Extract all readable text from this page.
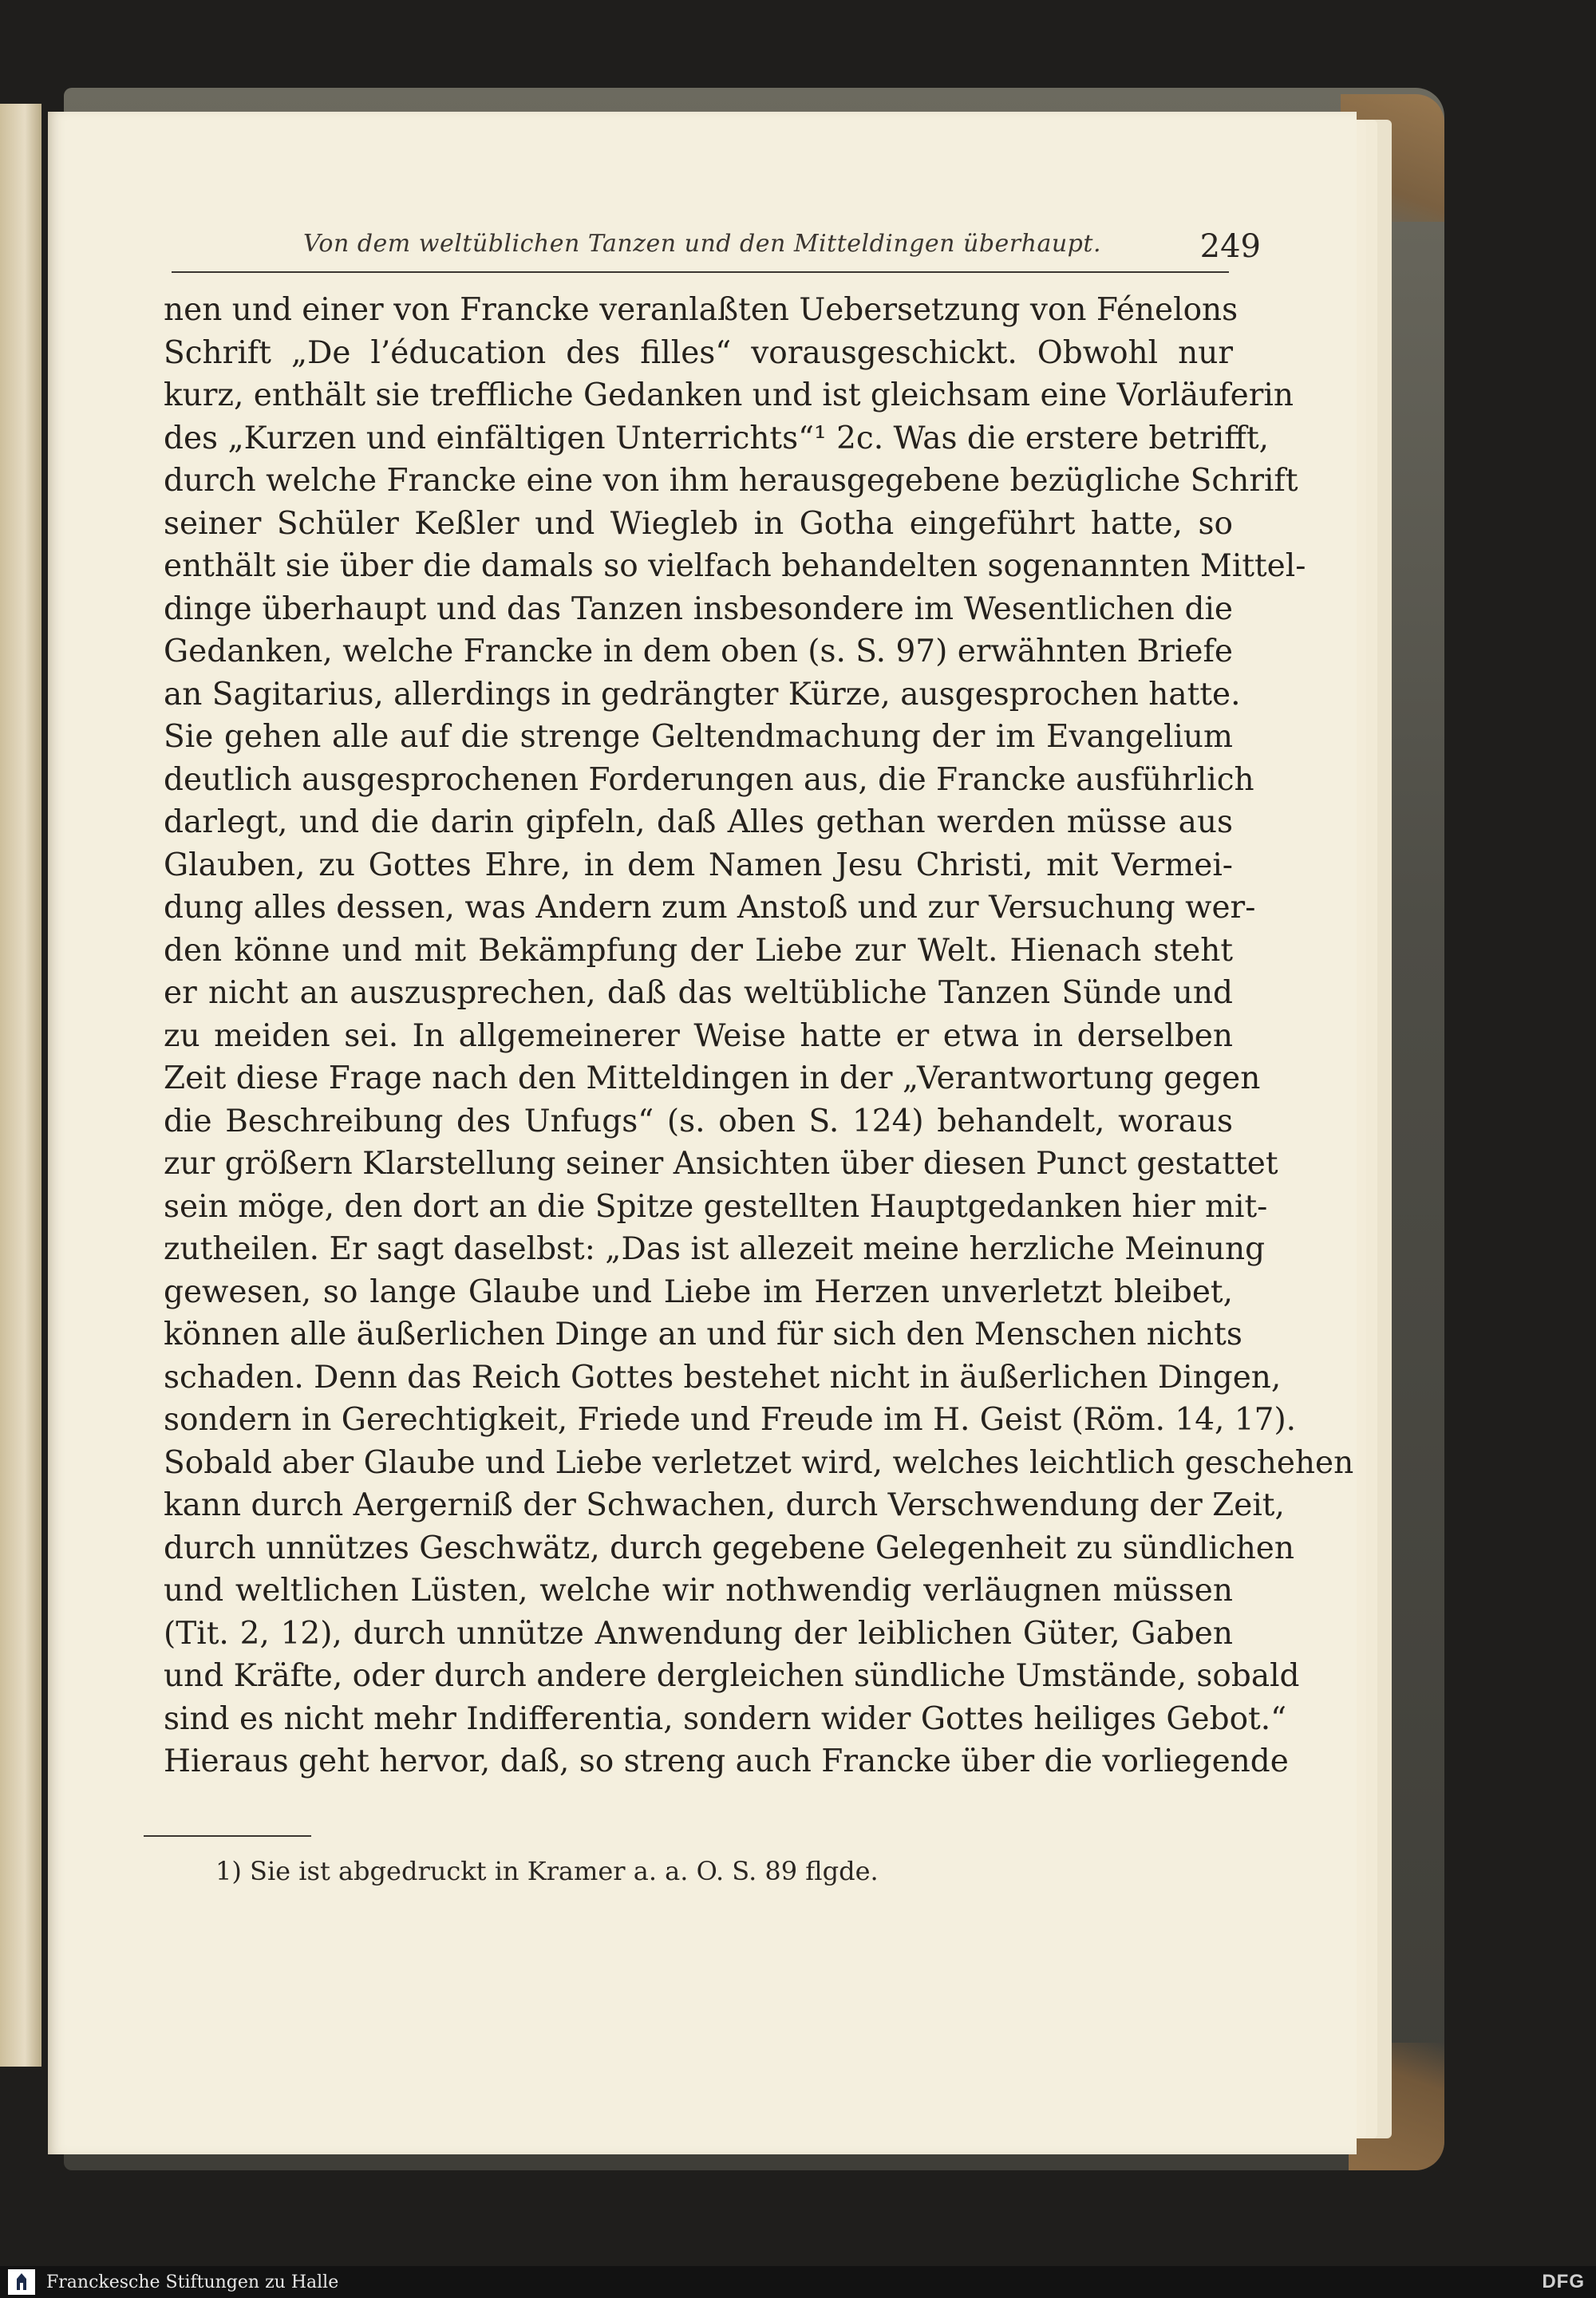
Von dem weltüblichen Tanzen und den Mitteldingen überhaupt.	249
nen und einer von Francke veranlaßten Uebersetzung von Fénelons
Schrift „De l’éducation des filles“ vorausgeschickt. Obwohl nur
kurz, enthält sie treffliche Gedanken und ist gleichsam eine Vorläuferin
des „Kurzen und einfältigen Unterrichts“¹ 2c. Was die erstere betrifft,
durch welche Francke eine von ihm herausgegebene bezügliche Schrift
seiner Schüler Keßler und Wiegleb in Gotha eingeführt hatte, so
enthält sie über die damals so vielfach behandelten sogenannten Mittel-
dinge überhaupt und das Tanzen insbesondere im Wesentlichen die
Gedanken, welche Francke in dem oben (s. S. 97) erwähnten Briefe
an Sagitarius, allerdings in gedrängter Kürze, ausgesprochen hatte.
Sie gehen alle auf die strenge Geltendmachung der im Evangelium
deutlich ausgesprochenen Forderungen aus, die Francke ausführlich
darlegt, und die darin gipfeln, daß Alles gethan werden müsse aus
Glauben, zu Gottes Ehre, in dem Namen Jesu Christi, mit Vermei-
dung alles dessen, was Andern zum Anstoß und zur Versuchung wer-
den könne und mit Bekämpfung der Liebe zur Welt. Hienach steht
er nicht an auszusprechen, daß das weltübliche Tanzen Sünde und
zu meiden sei. In allgemeinerer Weise hatte er etwa in derselben
Zeit diese Frage nach den Mitteldingen in der „Verantwortung gegen
die Beschreibung des Unfugs“ (s. oben S. 124) behandelt, woraus
zur größern Klarstellung seiner Ansichten über diesen Punct gestattet
sein möge, den dort an die Spitze gestellten Hauptgedanken hier mit-
zutheilen. Er sagt daselbst: „Das ist allezeit meine herzliche Meinung
gewesen, so lange Glaube und Liebe im Herzen unverletzt bleibet,
können alle äußerlichen Dinge an und für sich den Menschen nichts
schaden. Denn das Reich Gottes bestehet nicht in äußerlichen Dingen,
sondern in Gerechtigkeit, Friede und Freude im H. Geist (Röm. 14, 17).
Sobald aber Glaube und Liebe verletzet wird, welches leichtlich geschehen
kann durch Aergerniß der Schwachen, durch Verschwendung der Zeit,
durch unnützes Geschwätz, durch gegebene Gelegenheit zu sündlichen
und weltlichen Lüsten, welche wir nothwendig verläugnen müssen
(Tit. 2, 12), durch unnütze Anwendung der leiblichen Güter, Gaben
und Kräfte, oder durch andere dergleichen sündliche Umstände, sobald
sind es nicht mehr Indifferentia, sondern wider Gottes heiliges Gebot.“
Hieraus geht hervor, daß, so streng auch Francke über die vorliegende
1) Sie ist abgedruckt in Kramer a. a. O. S. 89 flgde.
Franckesche Stiftungen zu Halle	DFG
